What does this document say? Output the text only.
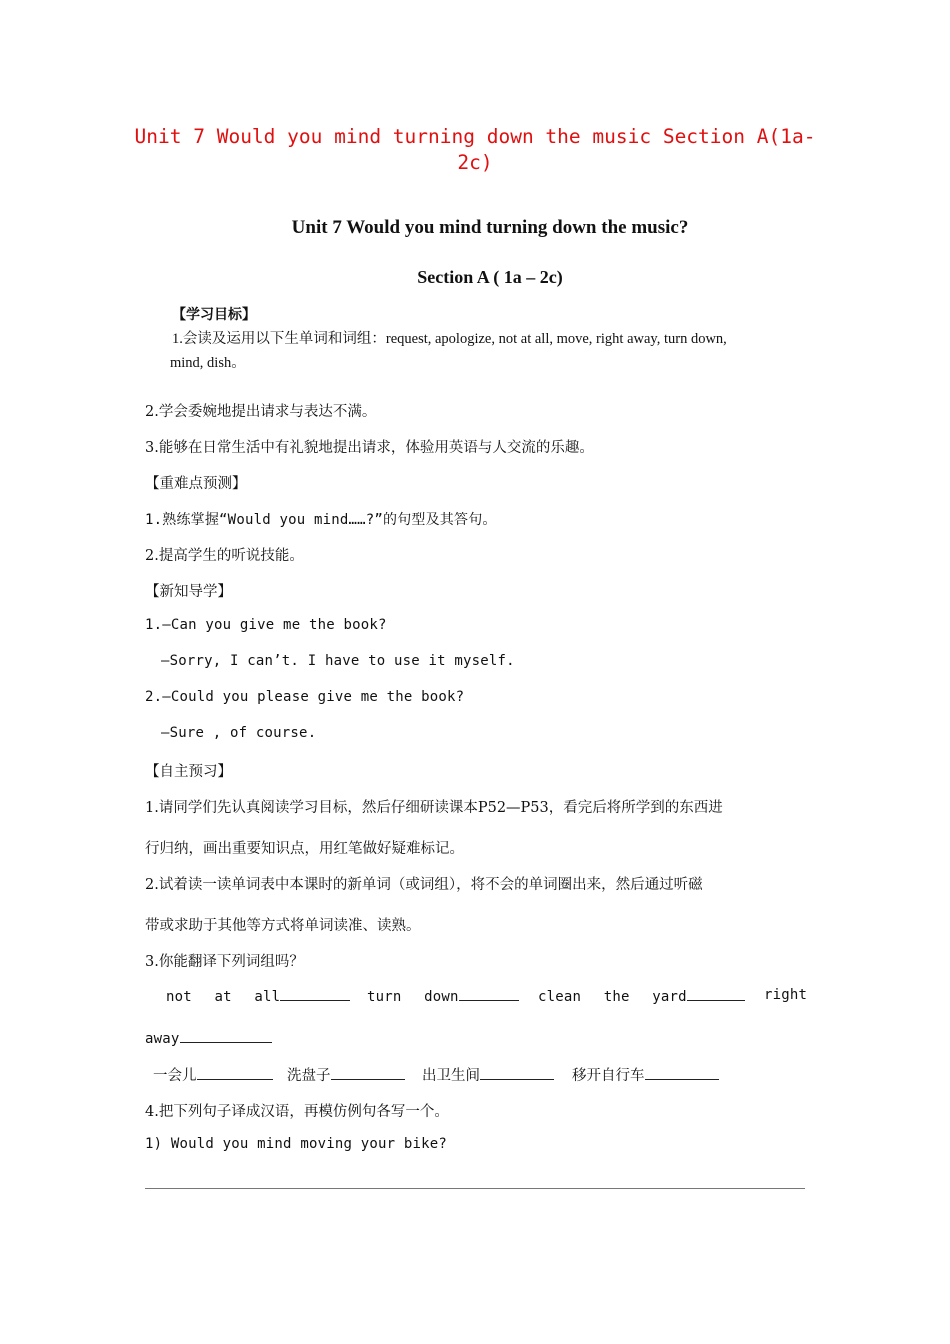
Unit 7 Would you mind turning down the music Section A(1a-
2c)
Unit 7 Would you mind turning down the music?
Section A ( 1a – 2c)
【学习目标】
1.会读及运用以下生单词和词组：request, apologize, not at all, move, right away, turn down,
mind, dish。
2.学会委婉地提出请求与表达不满。
3.能够在日常生活中有礼貌地提出请求，体验用英语与人交流的乐趣。
【重难点预测】
1.熟练掌握“Would you mind……?”的句型及其答句。
2.提高学生的听说技能。
【新知导学】
1.—Can you give me the book?
—Sorry, I can’t. I have to use it myself.
2.—Could you please give me the book?
—Sure , of course.
【自主预习】
1.请同学们先认真阅读学习目标，然后仔细研读课本P52—P53，看完后将所学到的东西进
行归纳，画出重要知识点，用红笔做好疑难标记。
2.试着读一读单词表中本课时的新单词（或词组），将不会的单词圈出来，然后通过听磁
带或求助于其他等方式将单词读准、读熟。
3.你能翻译下列词组吗？
not at all	turn down	clean the yard	right
away
一会儿	洗盘子	出卫生间	移开自行车
4.把下列句子译成汉语，再模仿例句各写一个。
1) Would you mind moving your bike?
